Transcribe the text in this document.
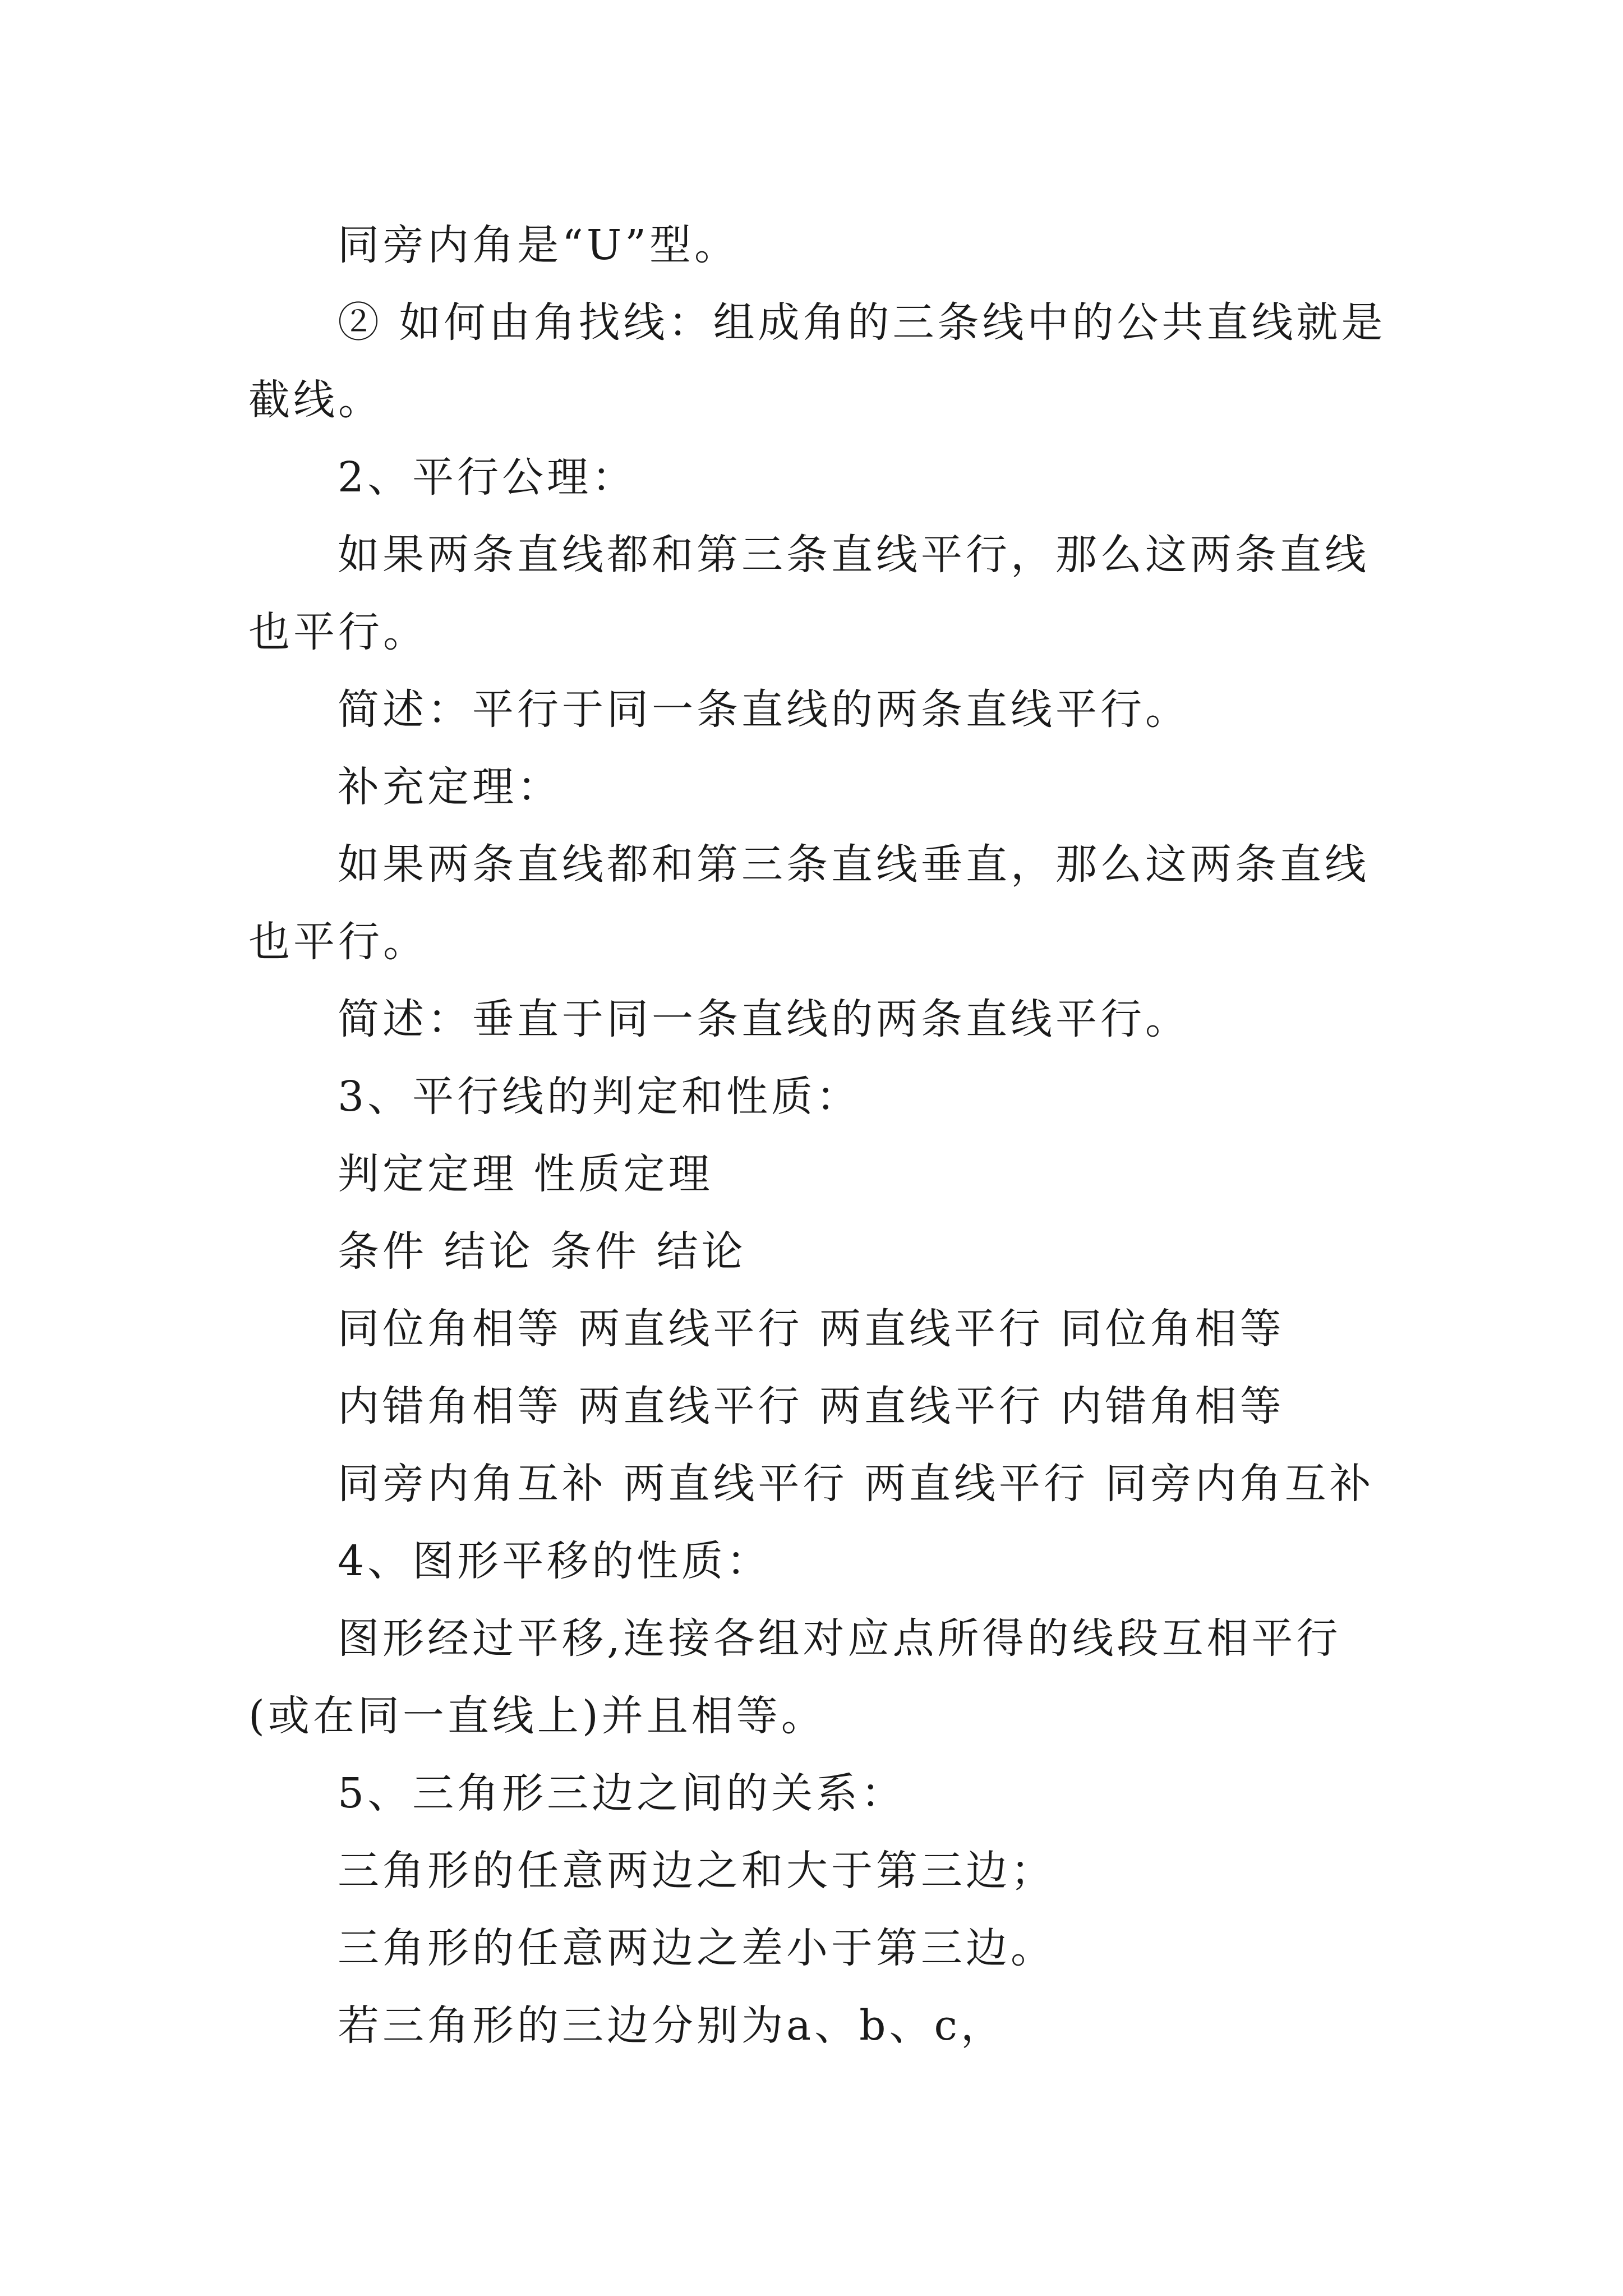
同旁内角是“U”型。

② 如何由角找线：组成角的三条线中的公共直线就是截线。

2、平行公理：

如果两条直线都和第三条直线平行，那么这两条直线也平行。

简述：平行于同一条直线的两条直线平行。

补充定理：

如果两条直线都和第三条直线垂直，那么这两条直线也平行。

简述：垂直于同一条直线的两条直线平行。

3、平行线的判定和性质：

判定定理 性质定理

条件 结论 条件 结论

同位角相等 两直线平行 两直线平行 同位角相等

内错角相等 两直线平行 两直线平行 内错角相等

同旁内角互补 两直线平行 两直线平行 同旁内角互补

4、图形平移的性质：

图形经过平移,连接各组对应点所得的线段互相平行(或在同一直线上)并且相等。

5、三角形三边之间的关系：

三角形的任意两边之和大于第三边；

三角形的任意两边之差小于第三边。

若三角形的三边分别为a、b、c，
